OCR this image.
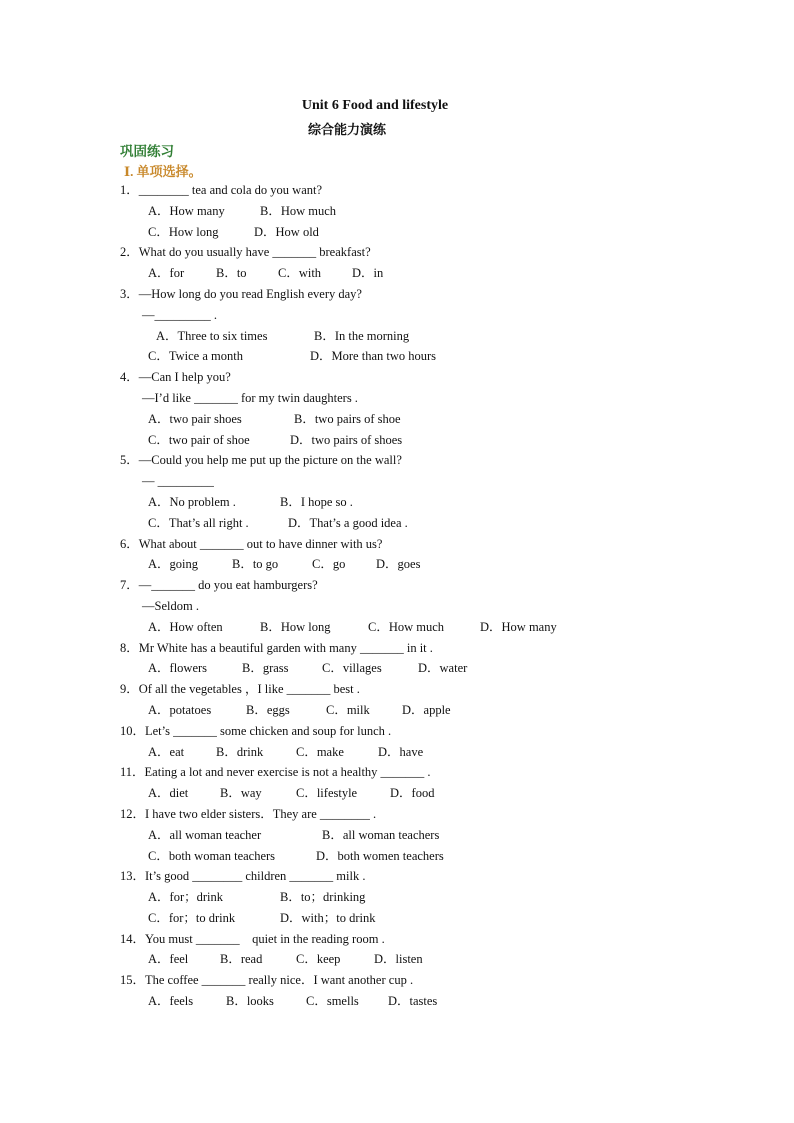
Unit 6 Food and lifestyle
综合能力演练
巩固练习
Ⅰ. 单项选择。
1．________ tea and cola do you want?
A．How many	B．How much
C．How long	D．How old
2．What do you usually have _______ breakfast?
A．for	B．to	C．with D．in
3．—How long do you read English every day?
—_________ .
A．Three to six times	B．In the morning
C．Twice a month	D．More than two hours
4．—Can I help you?
—I’d like _______ for my twin daughters .
A．two pair shoes	B．two pairs of shoe
C．two pair of shoe	D．two pairs of shoes
5．—Could you help me put up the picture on the wall?
— _________
A．No problem .	B．I hope so .
C．That’s all right .	D．That’s a good idea .
6．What about _______ out to have dinner with us?
A．going	B．to go	C．go D．goes
7．—_______ do you eat hamburgers?
—Seldom .
A．How often	B．How long	C．How much	D．How many
8．Mr White has a beautiful garden with many _______ in it .
A．flowers	B．grass	C．villages	D．water
9．Of all the vegetables ，I like _______ best .
A．potatoes	B．eggs	C．milk	D．apple
10．Let’s _______ some chicken and soup for lunch .
A．eat	B．drink	C．make	D．have
11．Eating a lot and never exercise is not a healthy _______ .
A．diet	B．way	C．lifestyle	D．food
12．I have two elder sisters．They are ________ .
A．all woman teacher	B．all woman teachers
C．both woman teachers	D．both women teachers
13．It’s good ________ children _______ milk .
A．for；drink	B．to；drinking
C．for；to drink	D．with；to drink
14．You must _______    quiet in the reading room .
A．feel	B．read	C．keep	D．listen
15．The coffee _______ really nice．I want another cup .
A．feels	B．looks	C．smells D．tastes
